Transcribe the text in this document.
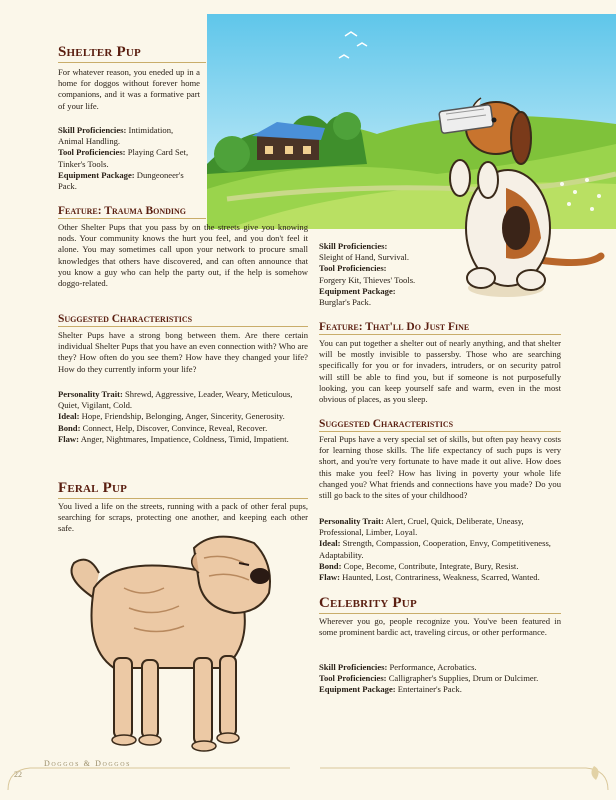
Shelter Pup

For whatever reason, you eneded up in a home for doggos without forever home companions, and it was a formative part of your life.

Skill Proficiencies: Intimidation, Animal Handling.
Tool Proficiencies: Playing Card Set, Tinker's Tools.
Equipment Package: Dungeoneer's Pack.

Feature: Trauma Bonding

Other Shelter Pups that you pass by on the streets give you knowing nods. Your community knows the hurt you feel, and you don't feel it alone. You may sometimes call upon your network to procure small knowledges that others have discovered, and can often announce that you know a guy who can help the party out, if the help is somehow doggo-related.

Suggested Characteristics

Shelter Pups have a strong bong between them. Are there certain individual Shelter Pups that you have an even connection with? Who are they? How often do you see them? How have they changed your life? How do they currently inform your life?

Personality Trait: Shrewd, Aggressive, Leader, Weary, Meticulous, Quiet, Vigilant, Cold.
Ideal: Hope, Friendship, Belonging, Anger, Sincerity, Generosity.
Bond: Connect, Help, Discover, Convince, Reveal, Recover.
Flaw: Anger, Nightmares, Impatience, Coldness, Timid, Impatient.

Feral Pup

You lived a life on the streets, running with a pack of other feral pups, searching for scraps, protecting one another, and keeping each other safe.

Skill Proficiencies:
Sleight of Hand, Survival.
Tool Proficiencies:
Forgery Kit, Thieves' Tools.
Equipment Package:
Burglar's Pack.

Feature: That'll Do Just Fine

You can put together a shelter out of nearly anything, and that shelter will be mostly invisible to passersby. Those who are searching specifically for you or for invaders, intruders, or on security patrol will still be able to find you, but if someone is not purposefully looking, you can keep yourself safe and warm, even in the most obvious of places, as you sleep.

Suggested Characteristics

Feral Pups have a very special set of skills, but often pay heavy costs for learning those skills. The life expectancy of such pups is very short, and you're very fortunate to have made it out alive. How does this make you feel? How has living in poverty your whole life changed you? What friends and connections have you made? Do you still go back to the sites of your childhood?

Personality Trait: Alert, Cruel, Quick, Deliberate, Uneasy, Professional, Limber, Loyal.
Ideal: Strength, Compassion, Cooperation, Envy, Competitiveness, Adaptability.
Bond: Cope, Become, Contribute, Integrate, Bury, Resist.
Flaw: Haunted, Lost, Contrariness, Weakness, Scarred, Wanted.

Celebrity Pup

Wherever you go, people recognize you. You've been featured in some prominent bardic act, traveling circus, or other performance.

Skill Proficiencies: Performance, Acrobatics.
Tool Proficiencies: Calligrapher's Supplies, Drum or Dulcimer.
Equipment Package: Entertainer's Pack.

Doggos & Doggos
22
